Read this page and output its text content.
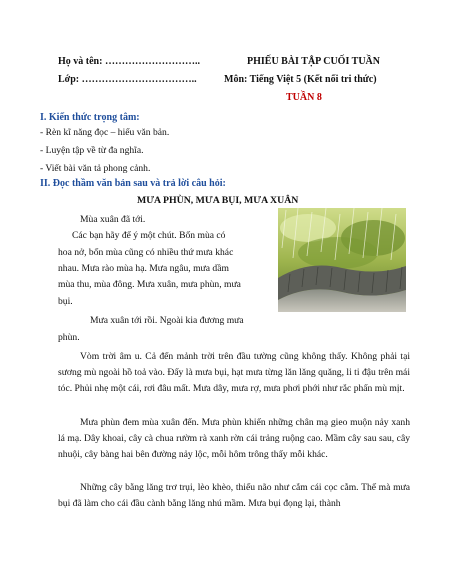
Họ và tên: ………………………..	PHIẾU BÀI TẬP CUỐI TUẦN
Lớp: ……………………………..	Môn: Tiếng Việt 5 (Kết nối tri thức)
TUẦN 8
I. Kiến thức trọng tâm:
- Rèn kĩ năng đọc – hiểu văn bản.
- Luyện tập về từ đa nghĩa.
- Viết bài văn tả phong cảnh.
II. Đọc thầm văn bản sau và trả lời câu hỏi:
MƯA PHÙN, MƯA BỤI, MƯA XUÂN
Mùa xuân đã tới.
Các bạn hãy để ý một chút. Bốn mùa có
hoa nở, bốn mùa cũng có nhiều thứ mưa khác
nhau. Mưa rào mùa hạ. Mưa ngâu, mưa dầm
mùa thu, mùa đông. Mưa xuân, mưa phùn, mưa
bụi.
Mưa xuân tới rồi. Ngoài kia đương mưa
phùn.
Vòm trời âm u. Cả đến mảnh trời trên đầu tường cũng không thấy. Không phải tại sương mù ngoài hồ toả vào. Đấy là mưa bụi, hạt mưa từng lăn lăng quăng, li ti đậu trên mái tóc. Phủi nhẹ một cái, rơi đâu mất. Mưa dây, mưa rợ, mưa phơi phới như rắc phấn mù mịt.
Mưa phùn đem mùa xuân đến. Mưa phùn khiến những chân mạ gieo muộn nảy xanh lá mạ. Dây khoai, cây cà chua rườm rà xanh rờn cái trảng ruộng cao. Mầm cây sau sau, cây nhuội, cây bàng hai bên đường nảy lộc, mỗi hôm trông thấy mỗi khác.
Những cây bằng lăng trơ trụi, lèo khèo, thiếu não như cắm cái cọc cằm. Thế mà mưa bụi đã làm cho cái đầu cành bằng lăng nhú mầm. Mưa bụi đọng lại, thành
